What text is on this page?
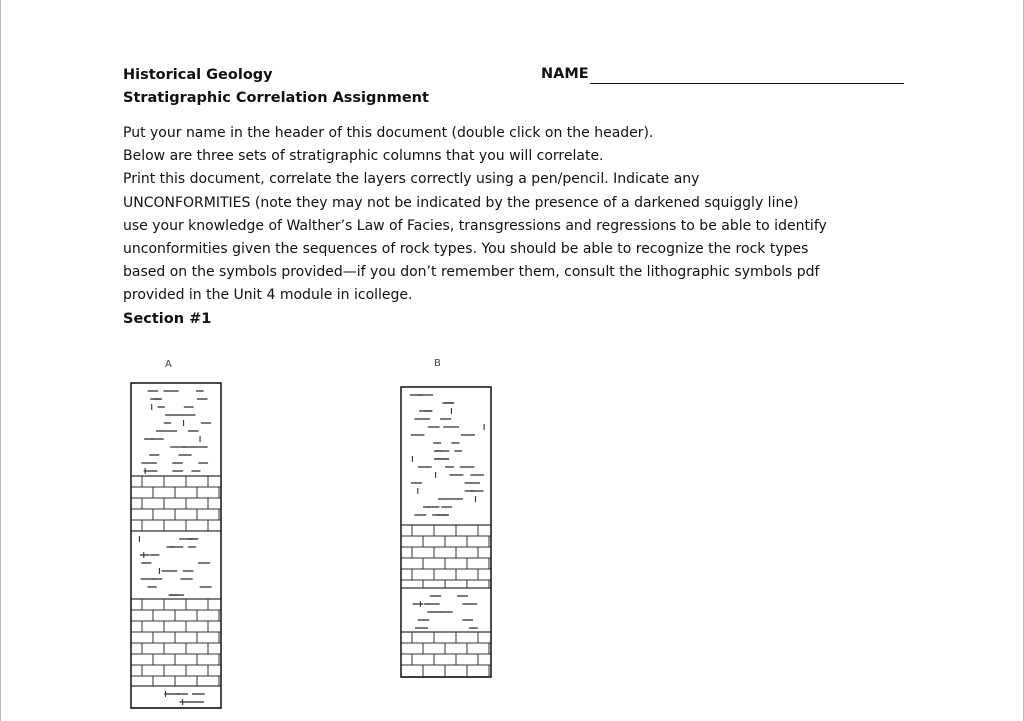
Historical Geology
Stratigraphic Correlation Assignment
NAME
Put your name in the header of this document (double click on the header).
Below are three sets of stratigraphic columns that you will correlate.
Print this document, correlate the layers correctly using a pen/pencil. Indicate any
UNCONFORMITIES (note they may not be indicated by the presence of a darkened squiggly line)
use your knowledge of Walther’s Law of Facies, transgressions and regressions to be able to identify
unconformities given the sequences of rock types. You should be able to recognize the rock types
based on the symbols provided—if you don’t remember them, consult the lithographic symbols pdf
provided in the Unit 4 module in icollege.
Section #1
A	B
